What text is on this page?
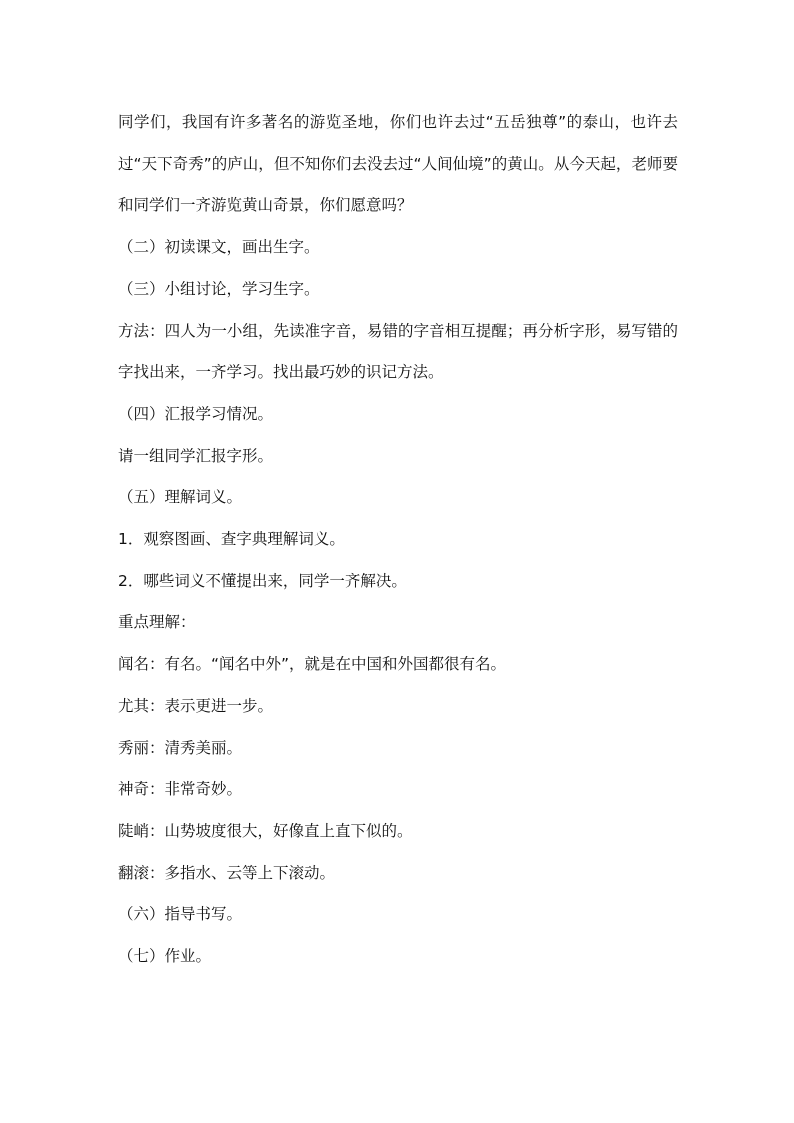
同学们，我国有许多著名的游览圣地，你们也许去过“五岳独尊”的泰山，也许去过“天下奇秀”的庐山，但不知你们去没去过“人间仙境”的黄山。从今天起，老师要和同学们一齐游览黄山奇景，你们愿意吗？

（二）初读课文，画出生字。

（三）小组讨论，学习生字。

方法：四人为一小组，先读准字音，易错的字音相互提醒；再分析字形，易写错的字找出来，一齐学习。找出最巧妙的识记方法。

（四）汇报学习情况。

请一组同学汇报字形。

（五）理解词义。

1．观察图画、查字典理解词义。

2．哪些词义不懂提出来，同学一齐解决。

重点理解：

闻名：有名。“闻名中外”，就是在中国和外国都很有名。

尤其：表示更进一步。

秀丽：清秀美丽。

神奇：非常奇妙。

陡峭：山势坡度很大，好像直上直下似的。

翻滚：多指水、云等上下滚动。

（六）指导书写。

（七）作业。
